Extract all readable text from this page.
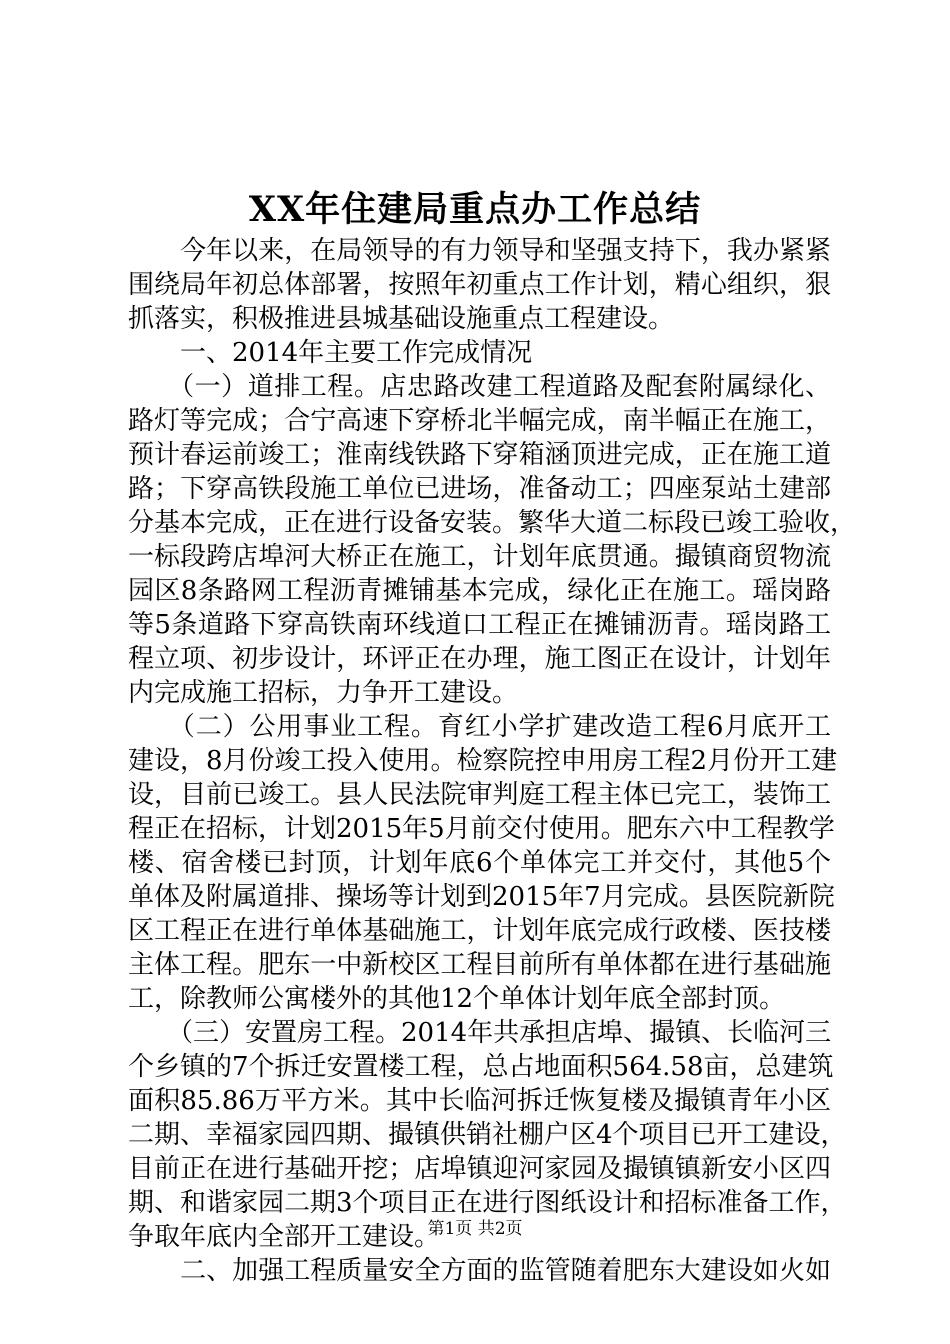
XX年住建局重点办工作总结
　　今年以来，在局领导的有力领导和坚强支持下，我办紧紧
围绕局年初总体部署，按照年初重点工作计划，精心组织，狠
抓落实，积极推进县城基础设施重点工程建设。
　　一、2014年主要工作完成情况
　　（一）道排工程。店忠路改建工程道路及配套附属绿化、
路灯等完成；合宁高速下穿桥北半幅完成，南半幅正在施工，
预计春运前竣工；淮南线铁路下穿箱涵顶进完成，正在施工道
路；下穿高铁段施工单位已进场，准备动工；四座泵站土建部
分基本完成，正在进行设备安装。繁华大道二标段已竣工验收，
一标段跨店埠河大桥正在施工，计划年底贯通。撮镇商贸物流
园区8条路网工程沥青摊铺基本完成，绿化正在施工。瑶岗路
等5条道路下穿高铁南环线道口工程正在摊铺沥青。瑶岗路工
程立项、初步设计，环评正在办理，施工图正在设计，计划年
内完成施工招标，力争开工建设。
　　（二）公用事业工程。育红小学扩建改造工程6月底开工
建设，8月份竣工投入使用。检察院控申用房工程2月份开工建
设，目前已竣工。县人民法院审判庭工程主体已完工，装饰工
程正在招标，计划2015年5月前交付使用。肥东六中工程教学
楼、宿舍楼已封顶，计划年底6个单体完工并交付，其他5个
单体及附属道排、操场等计划到2015年7月完成。县医院新院
区工程正在进行单体基础施工，计划年底完成行政楼、医技楼
主体工程。肥东一中新校区工程目前所有单体都在进行基础施
工，除教师公寓楼外的其他12个单体计划年底全部封顶。
　　（三）安置房工程。2014年共承担店埠、撮镇、长临河三
个乡镇的7个拆迁安置楼工程，总占地面积564.58亩，总建筑
面积85.86万平方米。其中长临河拆迁恢复楼及撮镇青年小区
二期、幸福家园四期、撮镇供销社棚户区4个项目已开工建设，
目前正在进行基础开挖；店埠镇迎河家园及撮镇镇新安小区四
期、和谐家园二期3个项目正在进行图纸设计和招标准备工作，
争取年底内全部开工建设。
　　二、加强工程质量安全方面的监管随着肥东大建设如火如
第1页 共2页
